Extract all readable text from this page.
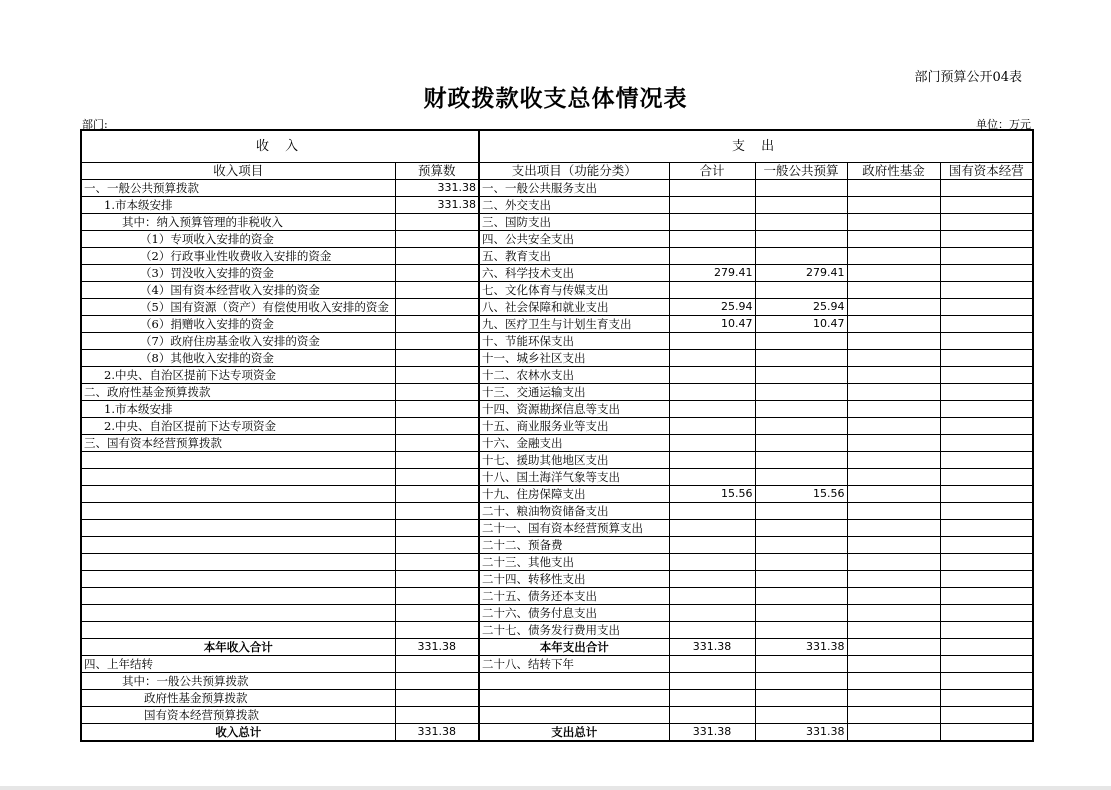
部门预算公开04表
财政拨款收支总体情况表
部门:	单位：万元
收 入		支 出				
收入项目	预算数	支出项目（功能分类）	合计	一般公共预算	政府性基金	国有资本经营
一、一般公共预算拨款	331.38	一、一般公共服务支出				
1.市本级安排	331.38	二、外交支出				
其中：纳入预算管理的非税收入		三、国防支出				
（1）专项收入安排的资金		四、公共安全支出				
（2）行政事业性收费收入安排的资金		五、教育支出				
（3）罚没收入安排的资金		六、科学技术支出	279.41	279.41		
（4）国有资本经营收入安排的资金		七、文化体育与传媒支出				
（5）国有资源（资产）有偿使用收入安排的资金		八、社会保障和就业支出	25.94	25.94		
（6）捐赠收入安排的资金		九、医疗卫生与计划生育支出	10.47	10.47		
（7）政府住房基金收入安排的资金		十、节能环保支出				
（8）其他收入安排的资金		十一、城乡社区支出				
2.中央、自治区提前下达专项资金		十二、农林水支出				
二、政府性基金预算拨款		十三、交通运输支出				
1.市本级安排		十四、资源勘探信息等支出				
2.中央、自治区提前下达专项资金		十五、商业服务业等支出				
三、国有资本经营预算拨款		十六、金融支出				
		十七、援助其他地区支出				
		十八、国土海洋气象等支出				
		十九、住房保障支出	15.56	15.56		
		二十、粮油物资储备支出				
		二十一、国有资本经营预算支出				
		二十二、预备费				
		二十三、其他支出				
		二十四、转移性支出				
		二十五、债务还本支出				
		二十六、债务付息支出				
		二十七、债务发行费用支出				
本年收入合计	331.38	本年支出合计	331.38	331.38		
四、上年结转		二十八、结转下年				
其中：一般公共预算拨款						
政府性基金预算拨款						
国有资本经营预算拨款						
收入总计	331.38	支出总计	331.38	331.38		
